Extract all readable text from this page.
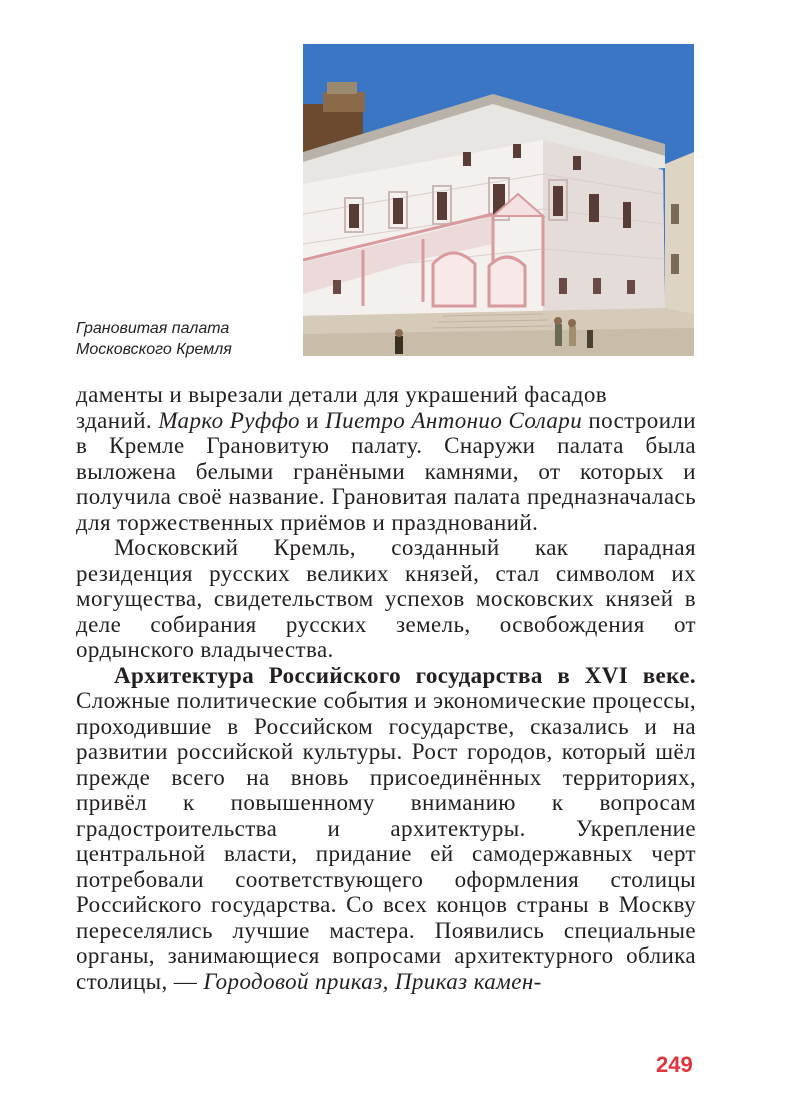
Грановитая палата
Московского Кремля

даменты и вырезали детали для украшений фасадов

зданий. Марко Руффо и Пиетро Антонио Солари построили в Кремле Грановитую палату. Снаружи палата была выложена белыми гранёными камнями, от которых и получила своё название. Грановитая палата предназначалась для торжественных приёмов и празднований.

Московский Кремль, созданный как парадная резиденция русских великих князей, стал символом их могущества, свидетельством успехов московских князей в деле собирания русских земель, освобождения от ордынского владычества.

Архитектура Российского государства в XVI веке. Сложные политические события и экономические процессы, проходившие в Российском государстве, сказались и на развитии российской культуры. Рост городов, который шёл прежде всего на вновь присоединённых территориях, привёл к повышенному вниманию к вопросам градостроительства и архитектуры. Укрепление центральной власти, придание ей самодержавных черт потребовали соответствующего оформления столицы Российского государства. Со всех концов страны в Москву переселялись лучшие мастера. Появились специальные органы, занимающиеся вопросами архитектурного облика столицы, — Городовой приказ, Приказ камен-

249
